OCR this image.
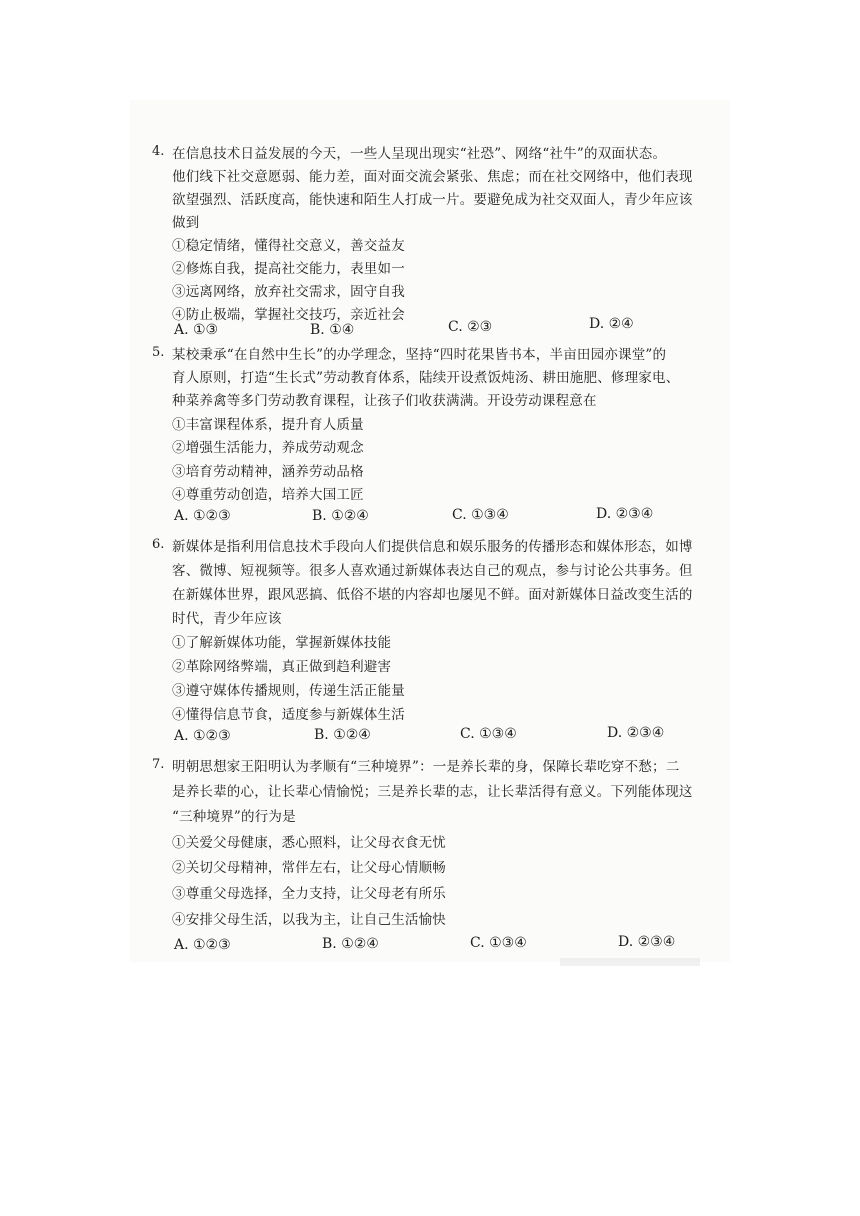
4. 在信息技术日益发展的今天，一些人呈现出现实“社恐”、网络“社牛”的双面状态。
他们线下社交意愿弱、能力差，面对面交流会紧张、焦虑；而在社交网络中，他们表现
欲望强烈、活跃度高，能快速和陌生人打成一片。要避免成为社交双面人，青少年应该
做到
①稳定情绪，懂得社交意义，善交益友
②修炼自我，提高社交能力，表里如一
③远离网络，放弃社交需求，固守自我
④防止极端，掌握社交技巧，亲近社会
A. ①③	B. ①④	C. ②③	D. ②④
5. 某校秉承“在自然中生长”的办学理念，坚持“四时花果皆书本，半亩田园亦课堂”的
育人原则，打造“生长式”劳动教育体系，陆续开设煮饭炖汤、耕田施肥、修理家电、
种菜养禽等多门劳动教育课程，让孩子们收获满满。开设劳动课程意在
①丰富课程体系，提升育人质量
②增强生活能力，养成劳动观念
③培育劳动精神，涵养劳动品格
④尊重劳动创造，培养大国工匠
A. ①②③	B. ①②④	C. ①③④	D. ②③④
6. 新媒体是指利用信息技术手段向人们提供信息和娱乐服务的传播形态和媒体形态，如博
客、微博、短视频等。很多人喜欢通过新媒体表达自己的观点，参与讨论公共事务。但
在新媒体世界，跟风恶搞、低俗不堪的内容却也屡见不鲜。面对新媒体日益改变生活的
时代，青少年应该
①了解新媒体功能，掌握新媒体技能
②革除网络弊端，真正做到趋利避害
③遵守媒体传播规则，传递生活正能量
④懂得信息节食，适度参与新媒体生活
A. ①②③	B. ①②④	C. ①③④	D. ②③④
7. 明朝思想家王阳明认为孝顺有“三种境界”：一是养长辈的身，保障长辈吃穿不愁；二
是养长辈的心，让长辈心情愉悦；三是养长辈的志，让长辈活得有意义。下列能体现这
“三种境界”的行为是
①关爱父母健康，悉心照料，让父母衣食无忧
②关切父母精神，常伴左右，让父母心情顺畅
③尊重父母选择，全力支持，让父母老有所乐
④安排父母生活，以我为主，让自己生活愉快
A. ①②③	B. ①②④	C. ①③④	D. ②③④
